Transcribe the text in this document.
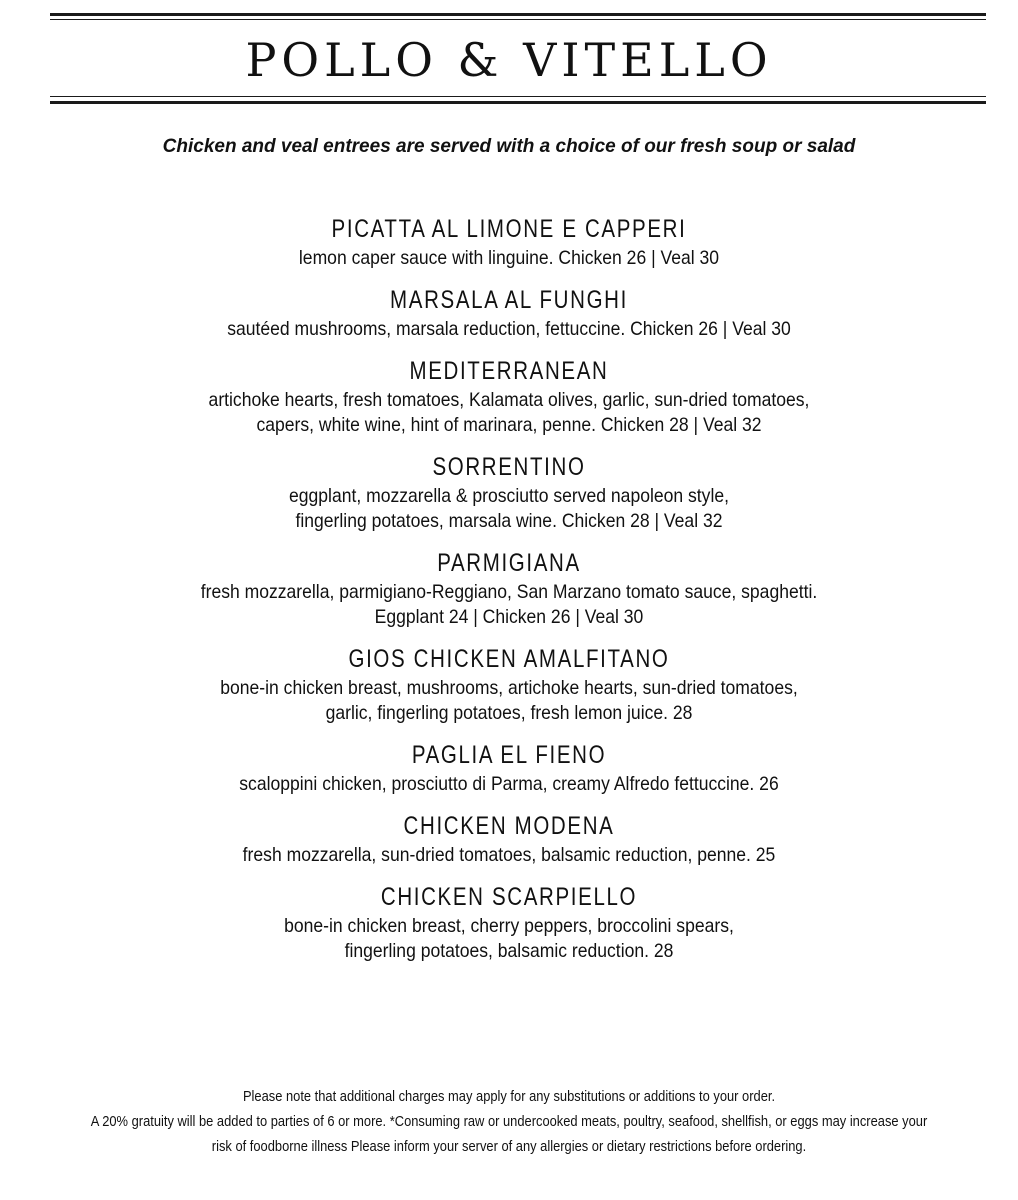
POLLO & VITELLO
Chicken and veal entrees are served with a choice of our fresh soup or salad
PICATTA AL LIMONE E CAPPERI
lemon caper sauce with linguine. Chicken 26 | Veal 30
MARSALA AL FUNGHI
sautéed mushrooms, marsala reduction, fettuccine. Chicken 26 | Veal 30
MEDITERRANEAN
artichoke hearts, fresh tomatoes, Kalamata olives, garlic, sun-dried tomatoes,
capers, white wine, hint of marinara, penne. Chicken 28 | Veal 32
SORRENTINO
eggplant, mozzarella & prosciutto served napoleon style,
fingerling potatoes, marsala wine. Chicken 28 | Veal 32
PARMIGIANA
fresh mozzarella, parmigiano-Reggiano, San Marzano tomato sauce, spaghetti.
Eggplant 24 | Chicken 26 | Veal 30
GIOS CHICKEN AMALFITANO
bone-in chicken breast, mushrooms, artichoke hearts, sun-dried tomatoes,
garlic, fingerling potatoes, fresh lemon juice. 28
PAGLIA EL FIENO
scaloppini chicken, prosciutto di Parma, creamy Alfredo fettuccine. 26
CHICKEN MODENA
fresh mozzarella, sun-dried tomatoes, balsamic reduction, penne. 25
CHICKEN SCARPIELLO
bone-in chicken breast, cherry peppers, broccolini spears,
fingerling potatoes, balsamic reduction. 28
Please note that additional charges may apply for any substitutions or additions to your order.
A 20% gratuity will be added to parties of 6 or more. *Consuming raw or undercooked meats, poultry, seafood, shellfish, or eggs may increase your
risk of foodborne illness Please inform your server of any allergies or dietary restrictions before ordering.
